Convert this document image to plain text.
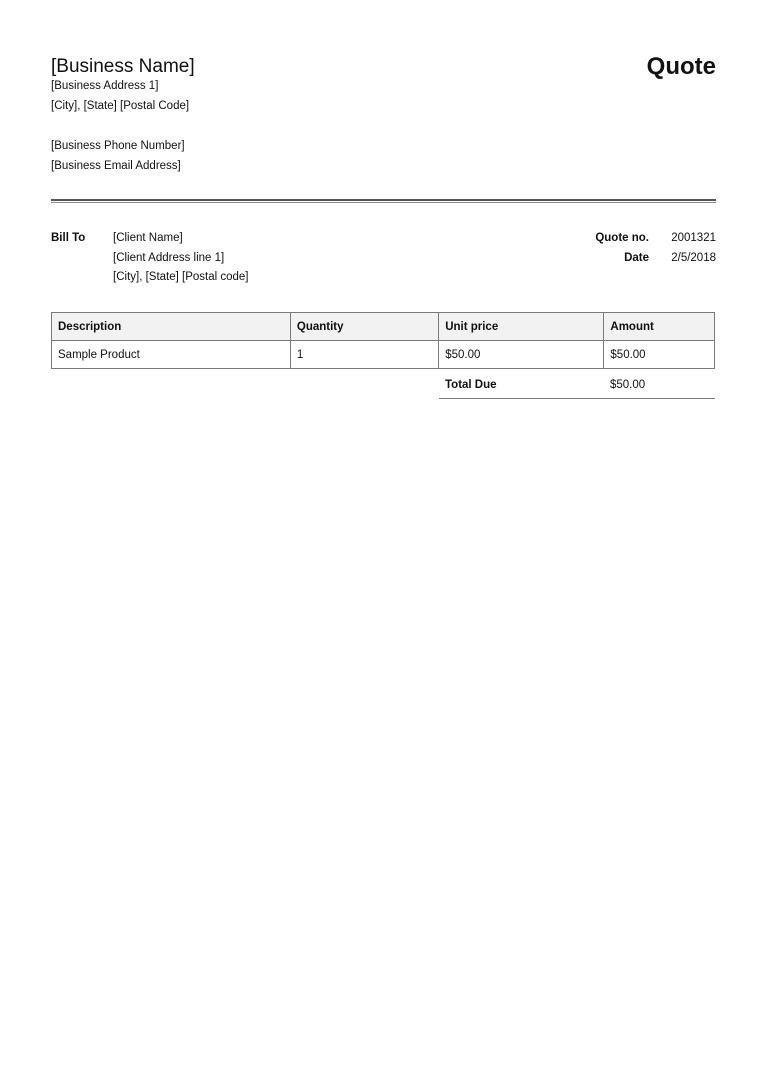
[Business Name]	Quote
[Business Address 1]
[City], [State] [Postal Code]
[Business Phone Number]
[Business Email Address]
Bill To [Client Name]
[Client Address line 1]
[City], [State] [Postal code]
Quote no. 2001321
Date 2/5/2018
Description	Quantity	Unit price	Amount
Sample Product	1	$50.00	$50.00
Total Due	$50.00
